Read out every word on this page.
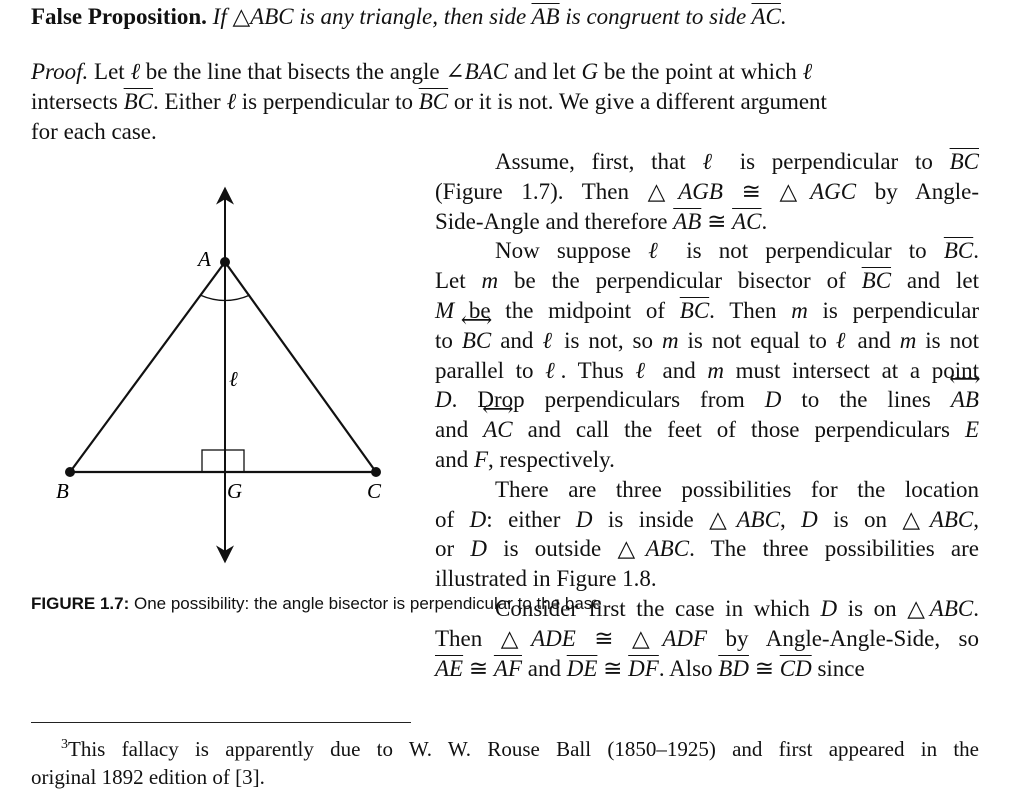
False Proposition. If △ABC is any triangle, then side $\overline{AB}$ is congruent to side $\overline{AC}$.
Proof. Let ℓ be the line that bisects the angle ∠BAC and let G be the point at which ℓ

intersects $\overline{BC}$. Either ℓ is perpendicular to $\overline{BC}$ or it is not. We give a different argument
for each case.
A
B	C
G
ℓ
FIGURE 1.7: One possibility: the angle bisector is perpendicular to the base

Assume, first, that ℓ is perpendicular to $\overline{BC}$
(Figure 1.7). Then △AGB ≅ △AGC by Angle-
Side-Angle and therefore $\overline{AB}$ ≅ $\overline{AC}$.

Now suppose ℓ is not perpendicular to $\overline{BC}$.
Let m be the perpendicular bisector of $\overline{BC}$ and let
M be the midpoint of $\overline{BC}$. Then m is perpendicular
to ⟷ BC and ℓ is not, so m is not equal to ℓ and m is not
parallel to ℓ. Thus ℓ and m must intersect at a point
D. Drop perpendiculars from D to the lines ⟷ AB
and ⟷ AC and call the feet of those perpendiculars E
and F, respectively.

There are three possibilities for the location
of D: either D is inside △ABC, D is on △ABC,
or D is outside △ABC. The three possibilities are
illustrated in Figure 1.8.

Consider first the case in which D is on △ABC.
Then △ADE ≅ △ADF by Angle-Angle-Side, so
$\overline{AE}$ ≅ $\overline{AF}$ and $\overline{DE}$ ≅ $\overline{DF}$. Also $\overline{BD}$ ≅ $\overline{CD}$ since

$^3$This fallacy is apparently due to W. W. Rouse Ball (1850–1925) and first appeared in the
original 1892 edition of [3].
